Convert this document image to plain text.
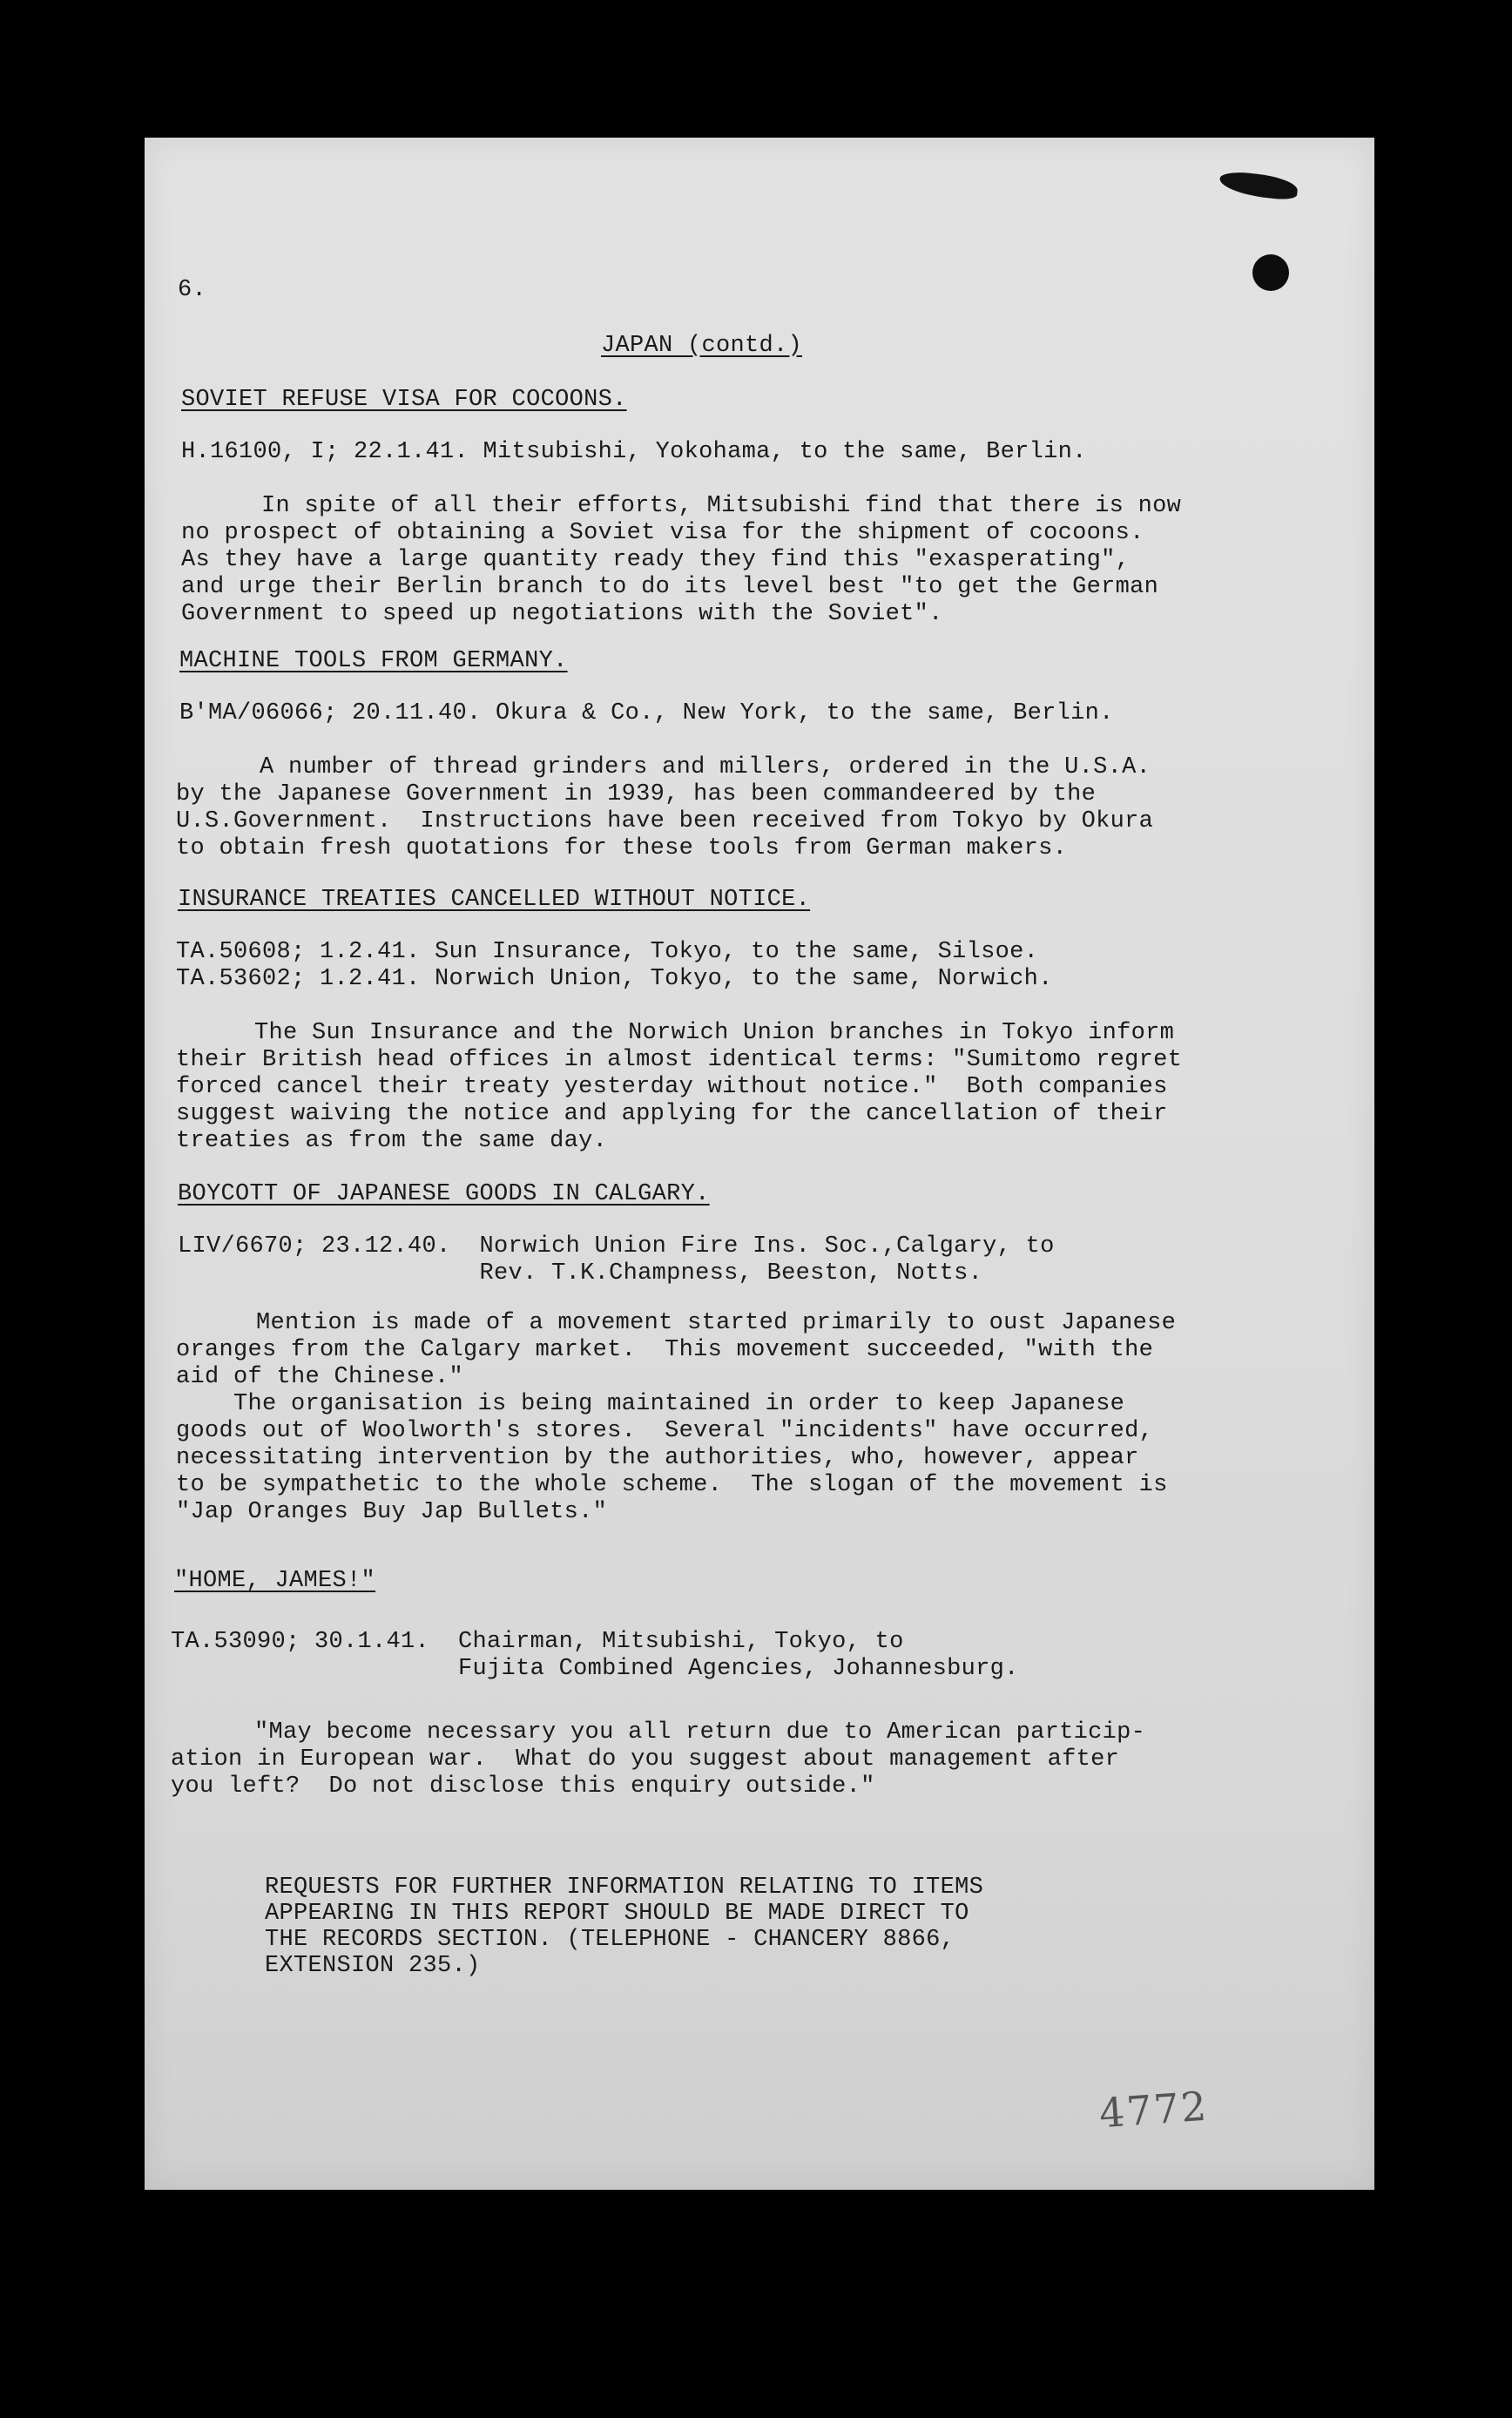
6.
JAPAN (contd.)
SOVIET REFUSE VISA FOR COCOONS.
H.16100, I; 22.1.41. Mitsubishi, Yokohama, to the same, Berlin.
In spite of all their efforts, Mitsubishi find that there is now
no prospect of obtaining a Soviet visa for the shipment of cocoons.
As they have a large quantity ready they find this "exasperating",
and urge their Berlin branch to do its level best "to get the German
Government to speed up negotiations with the Soviet".
MACHINE TOOLS FROM GERMANY.
B'MA/06066; 20.11.40. Okura & Co., New York, to the same, Berlin.
A number of thread grinders and millers, ordered in the U.S.A.
by the Japanese Government in 1939, has been commandeered by the
U.S.Government.  Instructions have been received from Tokyo by Okura
to obtain fresh quotations for these tools from German makers.
INSURANCE TREATIES CANCELLED WITHOUT NOTICE.
TA.50608; 1.2.41. Sun Insurance, Tokyo, to the same, Silsoe.
TA.53602; 1.2.41. Norwich Union, Tokyo, to the same, Norwich.
The Sun Insurance and the Norwich Union branches in Tokyo inform
their British head offices in almost identical terms: "Sumitomo regret
forced cancel their treaty yesterday without notice."  Both companies
suggest waiving the notice and applying for the cancellation of their
treaties as from the same day.
BOYCOTT OF JAPANESE GOODS IN CALGARY.
LIV/6670; 23.12.40.  Norwich Union Fire Ins. Soc.,Calgary, to
Rev. T.K.Champness, Beeston, Notts.
Mention is made of a movement started primarily to oust Japanese
oranges from the Calgary market.  This movement succeeded, "with the
aid of the Chinese."
The organisation is being maintained in order to keep Japanese
goods out of Woolworth's stores.  Several "incidents" have occurred,
necessitating intervention by the authorities, who, however, appear
to be sympathetic to the whole scheme.  The slogan of the movement is
"Jap Oranges Buy Jap Bullets."
"HOME, JAMES!"
TA.53090; 30.1.41.  Chairman, Mitsubishi, Tokyo, to
Fujita Combined Agencies, Johannesburg.
"May become necessary you all return due to American particip-
ation in European war.  What do you suggest about management after
you left?  Do not disclose this enquiry outside."
REQUESTS FOR FURTHER INFORMATION RELATING TO ITEMS
APPEARING IN THIS REPORT SHOULD BE MADE DIRECT TO
THE RECORDS SECTION. (TELEPHONE - CHANCERY 8866,
EXTENSION 235.)
4772
